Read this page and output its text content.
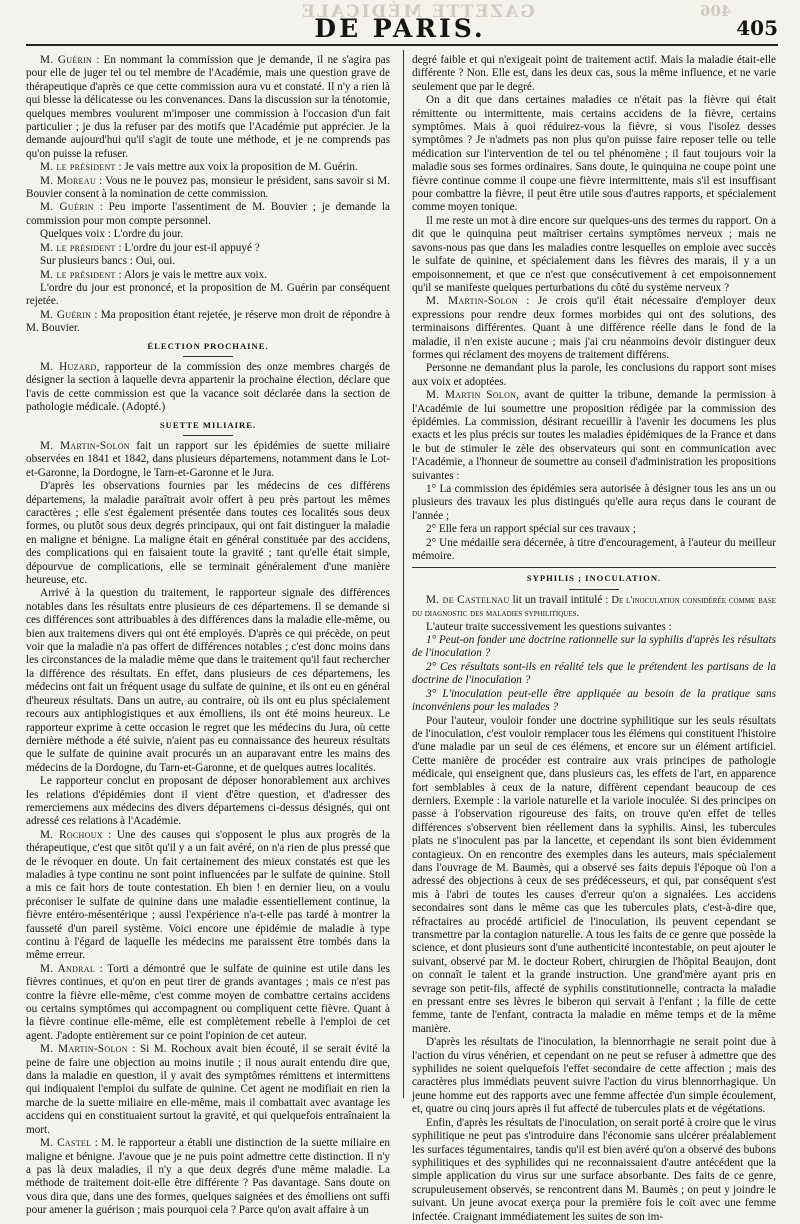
GAZETTE MÉDICALE	406
DE PARIS.	405

M. Guérin : En nommant la commission que je demande, il ne s'agira pas pour elle de juger tel ou tel membre de l'Académie, mais une question grave de thérapeutique d'après ce que cette commission aura vu et constaté. Il n'y a rien là qui blesse la délicatesse ou les convenances. Dans la discussion sur la ténotomie, quelques membres voulurent m'imposer une commission à l'occasion d'un fait particulier ; je dus la refuser par des motifs que l'Académie put apprécier. Je la demande aujourd'hui qu'il s'agit de toute une méthode, et je ne comprends pas qu'on puisse la refuser.

M. le président : Je vais mettre aux voix la proposition de M. Guérin.

M. Moreau : Vous ne le pouvez pas, monsieur le président, sans savoir si M. Bouvier consent à la nomination de cette commission.

M. Guérin : Peu importe l'assentiment de M. Bouvier ; je demande la commission pour mon compte personnel.

Quelques voix : L'ordre du jour.

M. le président : L'ordre du jour est-il appuyé ?

Sur plusieurs bancs : Oui, oui.

M. le président : Alors je vais le mettre aux voix.

L'ordre du jour est prononcé, et la proposition de M. Guérin par conséquent rejetée.

M. Guérin : Ma proposition étant rejetée, je réserve mon droit de répondre à M. Bouvier.

ÉLECTION PROCHAINE.

M. Huzard, rapporteur de la commission des onze membres chargés de désigner la section à laquelle devra appartenir la prochaine élection, déclare que l'avis de cette commission est que la vacance soit déclarée dans la section de pathologie médicale. (Adopté.)

SUETTE MILIAIRE.

M. Martin-Solon fait un rapport sur les épidémies de suette miliaire observées en 1841 et 1842, dans plusieurs départemens, notamment dans le Lot-et-Garonne, la Dordogne, le Tarn-et-Garonne et le Jura.

D'après les observations fournies par les médecins de ces différens départemens, la maladie paraîtrait avoir offert à peu près partout les mêmes caractères ; elle s'est également présentée dans toutes ces localités sous deux formes, ou plutôt sous deux degrés principaux, qui ont fait distinguer la maladie en maligne et bénigne. La maligne était en général constituée par des accidens, des complications qui en faisaient toute la gravité ; tant qu'elle était simple, dépourvue de complications, elle se terminait généralement d'une manière heureuse, etc.

Arrivé à la question du traitement, le rapporteur signale des différences notables dans les résultats entre plusieurs de ces départemens. Il se demande si ces différences sont attribuables à des différences dans la maladie elle-même, ou bien aux traitemens divers qui ont été employés. D'après ce qui précède, on peut voir que la maladie n'a pas offert de différences notables ; c'est donc moins dans les circonstances de la maladie même que dans le traitement qu'il faut rechercher la différence des résultats. En effet, dans plusieurs de ces départemens, les médecins ont fait un fréquent usage du sulfate de quinine, et ils ont eu en général d'heureux résultats. Dans un autre, au contraire, où ils ont eu plus spécialement recours aux antiphlogistiques et aux émolliens, ils ont été moins heureux. Le rapporteur exprime à cette occasion le regret que les médecins du Jura, où cette dernière méthode a été suivie, n'aient pas eu connaissance des heureux résultats que le sulfate de quinine avait procurés un an auparavant entre les mains des médecins de la Dordogne, du Tarn-et-Garonne, et de quelques autres localités.

Le rapporteur conclut en proposant de déposer honorablement aux archives les relations d'épidémies dont il vient d'être question, et d'adresser des remerciemens aux médecins des divers départemens ci-dessus désignés, qui ont adressé ces relations à l'Académie.

M. Rochoux : Une des causes qui s'opposent le plus aux progrès de la thérapeutique, c'est que sitôt qu'il y a un fait avéré, on n'a rien de plus pressé que de le révoquer en doute. Un fait certainement des mieux constatés est que les maladies à type continu ne sont point influencées par le sulfate de quinine. Stoll a mis ce fait hors de toute contestation. Eh bien ! en dernier lieu, on a voulu préconiser le sulfate de quinine dans une maladie essentiellement continue, la fièvre entéro-mésentérique ; aussi l'expérience n'a-t-elle pas tardé à montrer la fausseté d'un pareil système. Voici encore une épidémie de maladie à type continu à l'égard de laquelle les médecins me paraissent être tombés dans la même erreur.

M. Andral : Torti a démontré que le sulfate de quinine est utile dans les fièvres continues, et qu'on en peut tirer de grands avantages ; mais ce n'est pas contre la fièvre elle-même, c'est comme moyen de combattre certains accidens ou certains symptômes qui accompagnent ou compliquent cette fièvre. Quant à la fièvre continue elle-même, elle est complètement rebelle à l'emploi de cet agent. J'adopte entièrement sur ce point l'opinion de cet auteur.

M. Martin-Solon : Si M. Rochoux avait bien écouté, il se serait évité la peine de faire une objection au moins inutile ; il nous aurait entendu dire que, dans la maladie en question, il y avait des symptômes rémittens et intermittens qui indiquaient l'emploi du sulfate de quinine. Cet agent ne modifiait en rien la marche de la suette miliaire en elle-même, mais il combattait avec avantage les accidens qui en constituaient surtout la gravité, et qui quelquefois entraînaient la mort.

M. Castel : M. le rapporteur a établi une distinction de la suette miliaire en maligne et bénigne. J'avoue que je ne puis point admettre cette distinction. Il n'y a pas là deux maladies, il n'y a que deux degrés d'une même maladie. La méthode de traitement doit-elle être différente ? Pas davantage. Sans doute on vous dira que, dans une des formes, quelques saignées et des émolliens ont suffi pour amener la guérison ; mais pourquoi cela ? Parce qu'on avait affaire à un

degré faible et qui n'exigeait point de traitement actif. Mais la maladie était-elle différente ? Non. Elle est, dans les deux cas, sous la même influence, et ne varie seulement que par le degré.

On a dit que dans certaines maladies ce n'était pas la fièvre qui était rémittente ou intermittente, mais certains accidens de la fièvre, certains symptômes. Mais à quoi réduirez-vous la fièvre, si vous l'isolez desses symptômes ? Je n'admets pas non plus qu'on puisse faire reposer telle ou telle médication sur l'intervention de tel ou tel phénomène ; il faut toujours voir la maladie sous ses formes ordinaires. Sans doute, le quinquina ne coupe point une fièvre continue comme il coupe une fièvre intermittente, mais s'il est insuffisant pour combattre la fièvre, il peut être utile sous d'autres rapports, et spécialement comme moyen tonique.

Il me reste un mot à dire encore sur quelques-uns des termes du rapport. On a dit que le quinquina peut maîtriser certains symptômes nerveux ; mais ne savons-nous pas que dans les maladies contre lesquelles on emploie avec succès le sulfate de quinine, et spécialement dans les fièvres des marais, il y a un empoisonnement, et que ce n'est que consécutivement à cet empoisonnement qu'il se manifeste quelques perturbations du côté du système nerveux ?

M. Martin-Solon : Je crois qu'il était nécessaire d'employer deux expressions pour rendre deux formes morbides qui ont des solutions, des terminaisons différentes. Quant à une différence réelle dans le fond de la maladie, il n'en existe aucune ; mais j'ai cru néanmoins devoir distinguer deux formes qui réclament des moyens de traitement différens.

Personne ne demandant plus la parole, les conclusions du rapport sont mises aux voix et adoptées.

M. Martin Solon, avant de quitter la tribune, demande la permission à l'Académie de lui soumettre une proposition rédigée par la commission des épidémies. La commission, désirant recueillir à l'avenir les documens les plus exacts et les plus précis sur toutes les maladies épidémiques de la France et dans le but de stimuler le zèle des observateurs qui sont en communication avec l'Académie, a l'honneur de soumettre au conseil d'administration les propositions suivantes :

1° La commission des épidémies sera autorisée à désigner tous les ans un ou plusieurs des travaux les plus distingués qu'elle aura reçus dans le courant de l'année ;

2° Elle fera un rapport spécial sur ces travaux ;

2° Une médaille sera décernée, à titre d'encouragement, à l'auteur du meilleur mémoire.

SYPHILIS ; INOCULATION.

M. de Castelnau lit un travail intitulé : De l'inoculation considérée comme base du diagnostic des maladies syphilitiques.

L'auteur traite successivement les questions suivantes :

1° Peut-on fonder une doctrine rationnelle sur la syphilis d'après les résultats de l'inoculation ?

2° Ces résultats sont-ils en réalité tels que le prétendent les partisans de la doctrine de l'inoculation ?

3° L'inoculation peut-elle être appliquée au besoin de la pratique sans inconvéniens pour les malades ?

Pour l'auteur, vouloir fonder une doctrine syphilitique sur les seuls résultats de l'inoculation, c'est vouloir remplacer tous les élémens qui constituent l'histoire d'une maladie par un seul de ces élémens, et encore sur un élément artificiel. Cette manière de procéder est contraire aux vrais principes de pathologie médicale, qui enseignent que, dans plusieurs cas, les effets de l'art, en apparence fort semblables à ceux de la nature, diffèrent cependant beaucoup de ces derniers. Exemple : la variole naturelle et la variole inoculée. Si des principes on passe à l'observation rigoureuse des faits, on trouve qu'en effet de telles différences s'observent bien réellement dans la syphilis. Ainsi, les tubercules plats ne s'inoculent pas par la lancette, et cependant ils sont bien évidemment contagieux. On en rencontre des exemples dans les auteurs, mais spécialement dans l'ouvrage de M. Baumès, qui a observé ses faits depuis l'époque où l'on a adressé des objections à ceux de ses prédécesseurs, et qui, par conséquent s'est mis à l'abri de toutes les causes d'erreur qu'on a signalées. Les accidens secondaires sont dans le même cas que les tubercules plats, c'est-à-dire que, réfractaires au procédé artificiel de l'inoculation, ils peuvent cependant se transmettre par la contagion naturelle. A tous les faits de ce genre que possède la science, et dont plusieurs sont d'une authenticité incontestable, on peut ajouter le suivant, observé par M. le docteur Robert, chirurgien de l'hôpital Beaujon, dont on connaît le talent et la grande instruction. Une grand'mère ayant pris en sevrage son petit-fils, affecté de syphilis constitutionnelle, contracta la maladie en pressant entre ses lèvres le biberon qui servait à l'enfant ; la fille de cette femme, tante de l'enfant, contracta la maladie en même temps et de la même manière.

D'après les résultats de l'inoculation, la blennorrhagie ne serait point due à l'action du virus vénérien, et cependant on ne peut se refuser à admettre que des syphilides ne soient quelquefois l'effet secondaire de cette affection ; mais des caractères plus immédiats peuvent suivre l'action du virus blennorrhagique. Un jeune homme eut des rapports avec une femme affectée d'un simple écoulement, et, quatre ou cinq jours après il fut affecté de tubercules plats et de végétations.

Enfin, d'après les résultats de l'inoculation, on serait porté à croire que le virus syphilitique ne peut pas s'introduire dans l'économie sans ulcérer préalablement les surfaces tégumentaires, tandis qu'il est bien avéré qu'on a observé des bubons syphilitiques et des syphilides qui ne reconnaissaient d'autre antécédent que la simple application du virus sur une surface absorbante. Des faits de ce genre, scrupuleusement observés, se rencontrent dans M. Baumès ; on peut y joindre le suivant. Un jeune avocat exerça pour la première fois le coït avec une femme infectée. Craignant immédiatement les suites de son im-
